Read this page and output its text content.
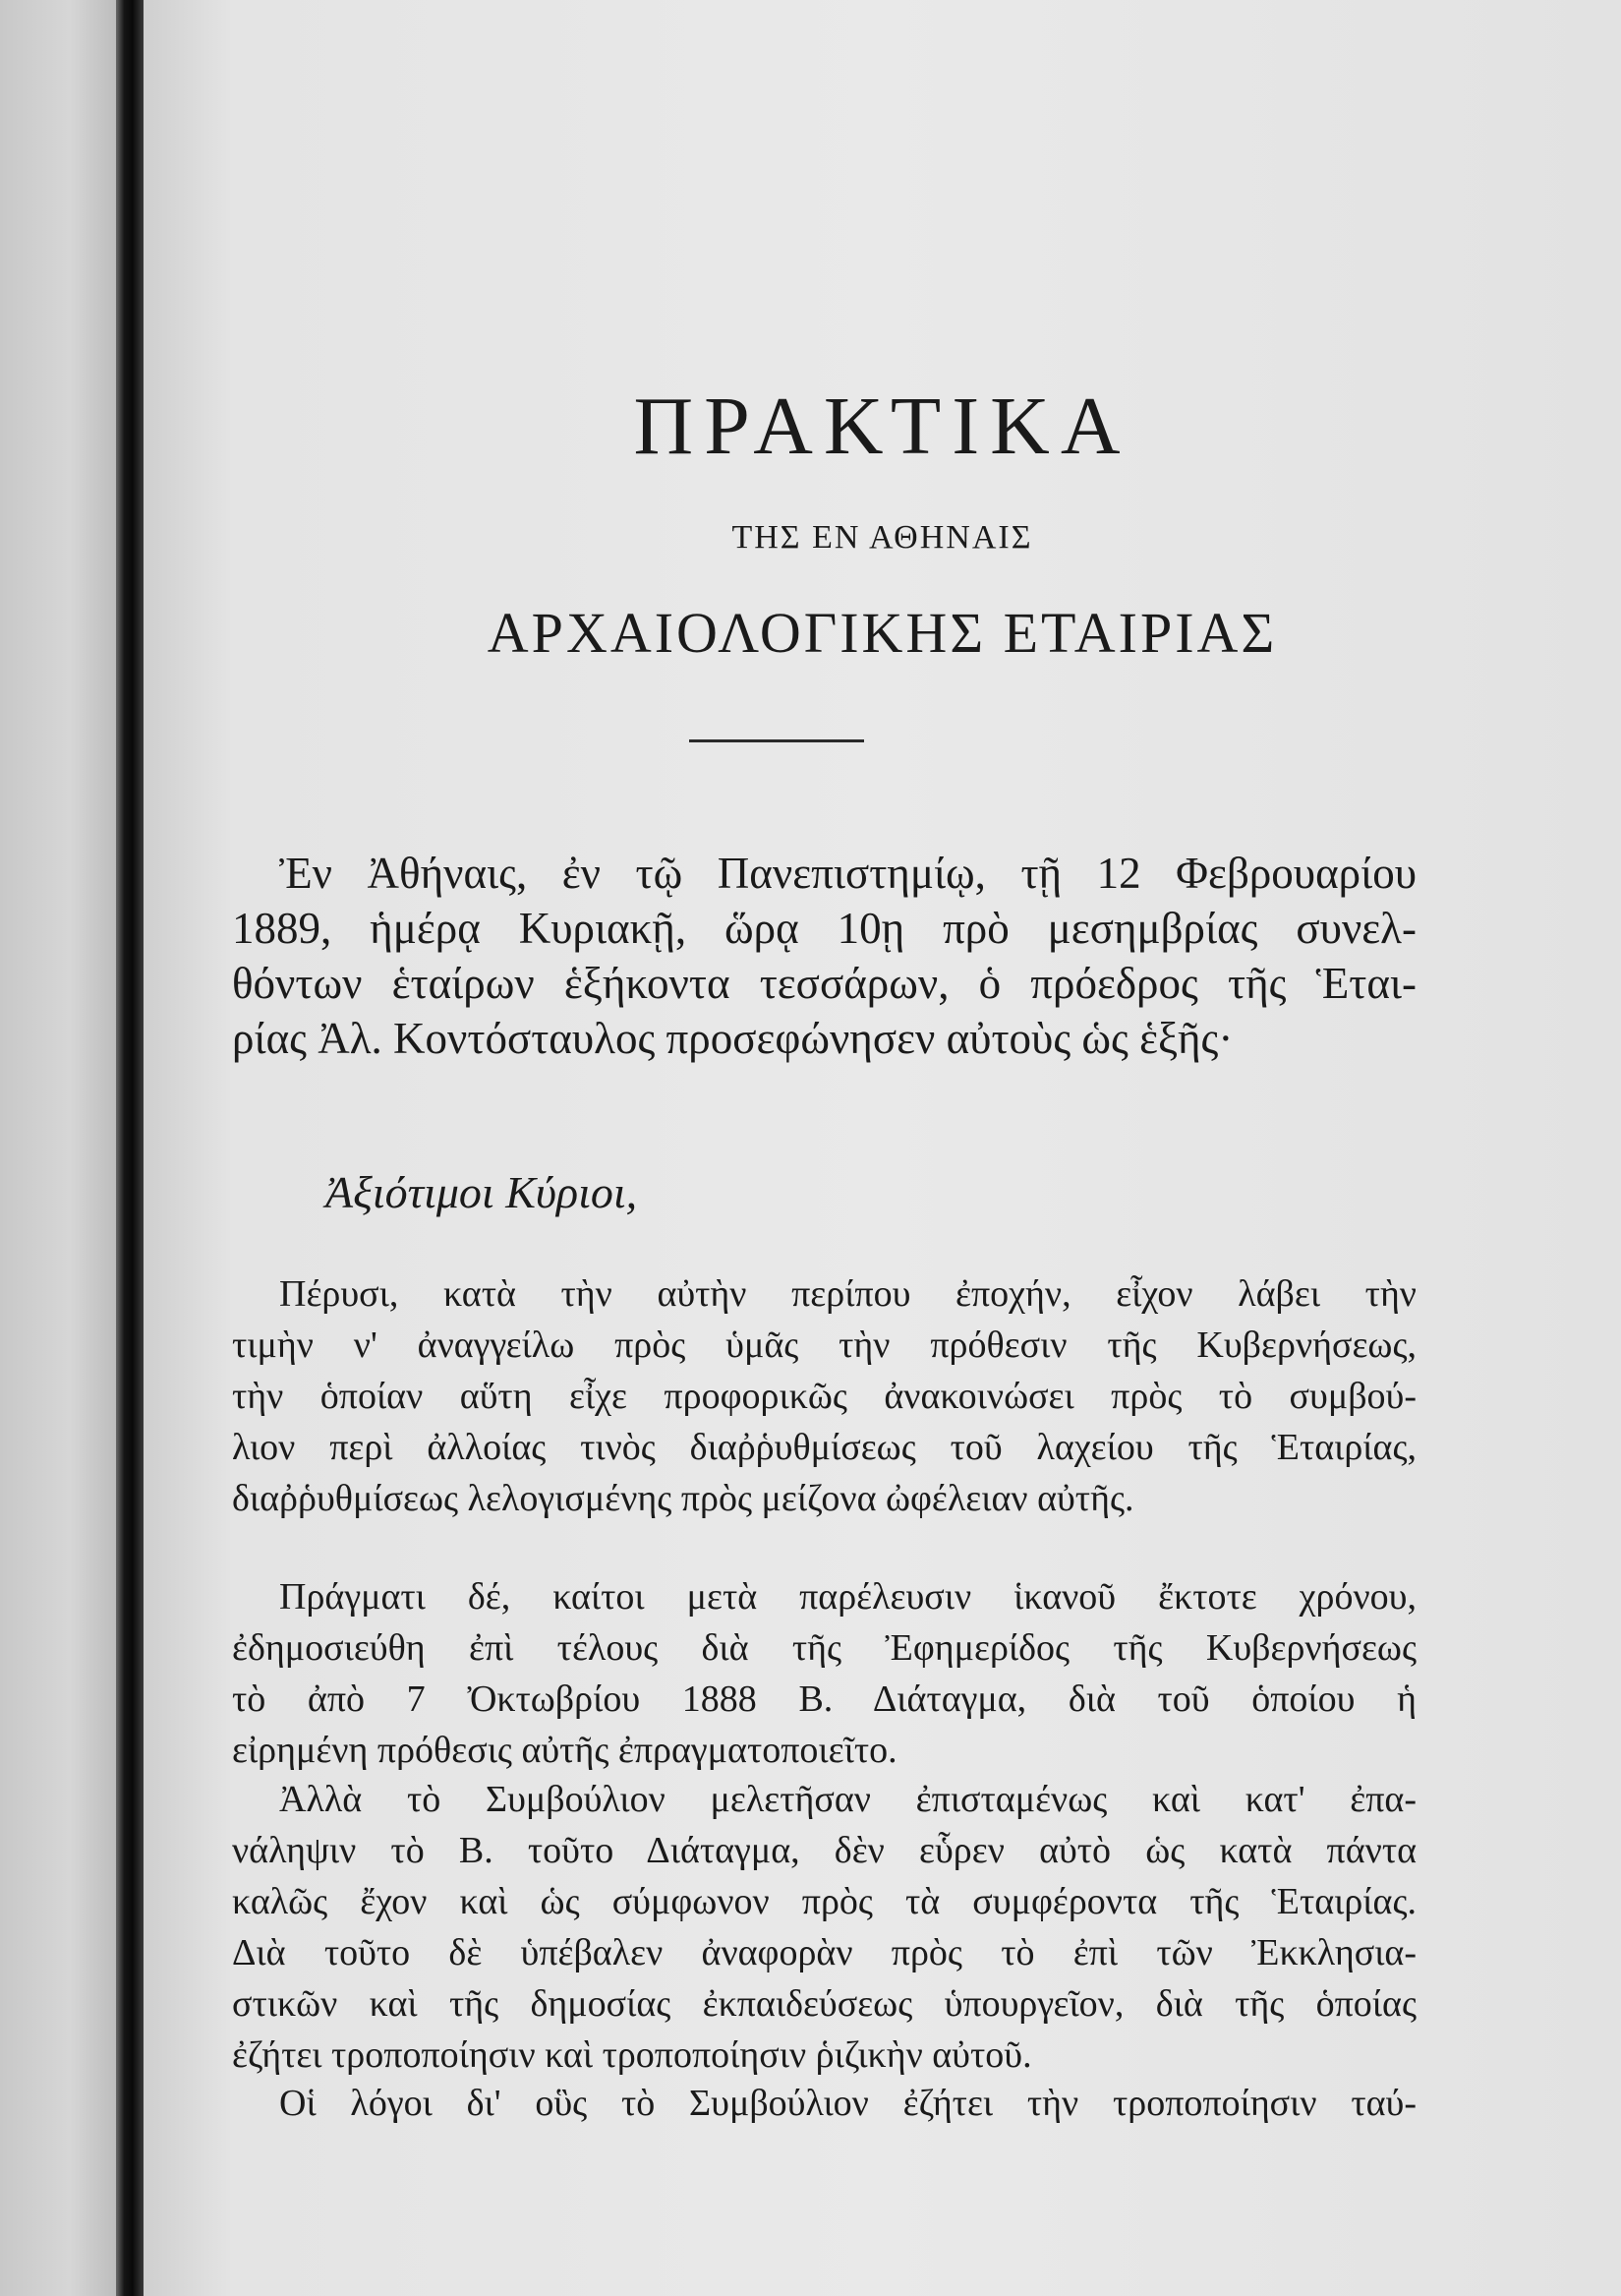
ΠΡΑΚΤΙΚΑ
ΤΗΣ ΕΝ ΑΘΗΝΑΙΣ
ΑΡΧΑΙΟΛΟΓΙΚΗΣ ΕΤΑΙΡΙΑΣ
Ἐν Ἀθήναις, ἐν τῷ Πανεπιστημίῳ, τῇ 12 Φεβρουαρίου
1889, ἡμέρᾳ Κυριακῇ, ὥρᾳ 10ῃ πρὸ μεσημβρίας συνελ-
θόντων ἑταίρων ἑξήκοντα τεσσάρων, ὁ πρόεδρος τῆς Ἑται-
ρίας Ἀλ. Κοντόσταυλος προσεφώνησεν αὐτοὺς ὡς ἑξῆς·
Ἀξιότιμοι Κύριοι,
Πέρυσι, κατὰ τὴν αὐτὴν περίπου ἐποχήν, εἶχον λάβει τὴν
τιμὴν ν' ἀναγγείλω πρὸς ὑμᾶς τὴν πρόθεσιν τῆς Κυβερνήσεως,
τὴν ὁποίαν αὕτη εἶχε προφορικῶς ἀνακοινώσει πρὸς τὸ συμβού-
λιον περὶ ἀλλοίας τινὸς διαῤῥυθμίσεως τοῦ λαχείου τῆς Ἑταιρίας,
διαῤῥυθμίσεως λελογισμένης πρὸς μείζονα ὠφέλειαν αὐτῆς.
Πράγματι δέ, καίτοι μετὰ παρέλευσιν ἱκανοῦ ἔκτοτε χρόνου,
ἐδημοσιεύθη ἐπὶ τέλους διὰ τῆς Ἐφημερίδος τῆς Κυβερνήσεως
τὸ ἀπὸ 7 Ὀκτωβρίου 1888 Β. Διάταγμα, διὰ τοῦ ὁποίου ἡ
εἰρημένη πρόθεσις αὐτῆς ἐπραγματοποιεῖτο.
Ἀλλὰ τὸ Συμβούλιον μελετῆσαν ἐπισταμένως καὶ κατ' ἐπα-
νάληψιν τὸ Β. τοῦτο Διάταγμα, δὲν εὗρεν αὐτὸ ὡς κατὰ πάντα
καλῶς ἔχον καὶ ὡς σύμφωνον πρὸς τὰ συμφέροντα τῆς Ἑταιρίας.
Διὰ τοῦτο δὲ ὑπέβαλεν ἀναφορὰν πρὸς τὸ ἐπὶ τῶν Ἐκκλησια-
στικῶν καὶ τῆς δημοσίας ἐκπαιδεύσεως ὑπουργεῖον, διὰ τῆς ὁποίας
ἐζήτει τροποποίησιν καὶ τροποποίησιν ῥιζικὴν αὐτοῦ.
Οἱ λόγοι δι' οὓς τὸ Συμβούλιον ἐζήτει τὴν τροποποίησιν ταύ-
